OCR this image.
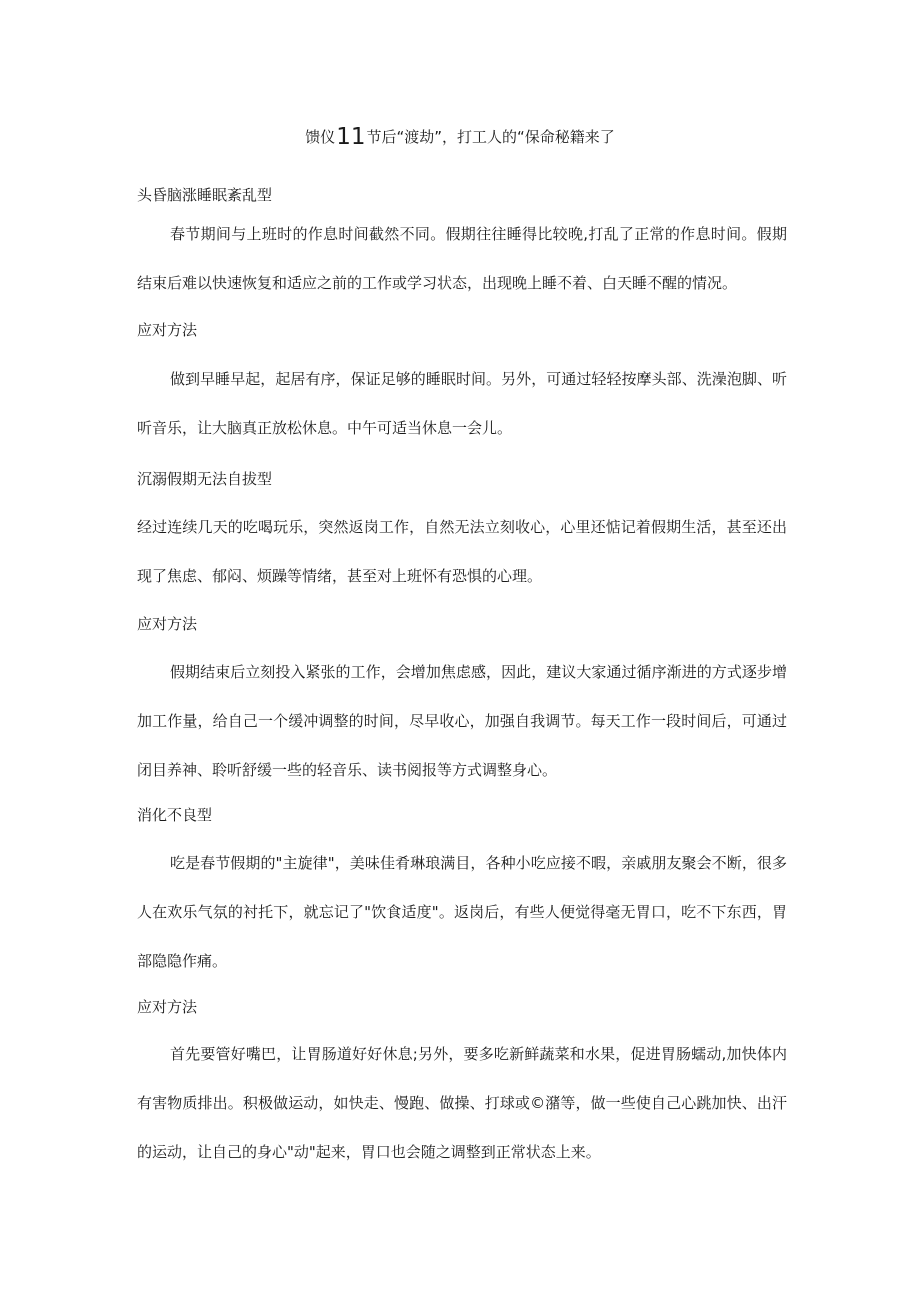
馈仪11节后“渡劫”，打工人的“保命秘籍来了

头昏脑涨睡眠紊乱型

春节期间与上班时的作息时间截然不同。假期往往睡得比较晚,打乱了正常的作息时间。假期结束后难以快速恢复和适应之前的工作或学习状态，出现晚上睡不着、白天睡不醒的情况。

应对方法

做到早睡早起，起居有序，保证足够的睡眠时间。另外，可通过轻轻按摩头部、洗澡泡脚、听听音乐，让大脑真正放松休息。中午可适当休息一会儿。

沉溺假期无法自拔型

经过连续几天的吃喝玩乐，突然返岗工作，自然无法立刻收心，心里还惦记着假期生活，甚至还出现了焦虑、郁闷、烦躁等情绪，甚至对上班怀有恐惧的心理。

应对方法

假期结束后立刻投入紧张的工作，会增加焦虑感，因此，建议大家通过循序渐进的方式逐步增加工作量，给自己一个缓冲调整的时间，尽早收心，加强自我调节。每天工作一段时间后，可通过闭目养神、聆听舒缓一些的轻音乐、读书阅报等方式调整身心。

消化不良型

吃是春节假期的"主旋律"，美味佳肴琳琅满目，各种小吃应接不暇，亲戚朋友聚会不断，很多人在欢乐气氛的衬托下，就忘记了"饮食适度"。返岗后，有些人便觉得毫无胃口，吃不下东西，胃部隐隐作痛。

应对方法

首先要管好嘴巴，让胃肠道好好休息;另外，要多吃新鲜蔬菜和水果，促进胃肠蠕动,加快体内有害物质排出。积极做运动，如快走、慢跑、做操、打球或©潴等，做一些使自己心跳加快、出汗的运动，让自己的身心"动"起来，胃口也会随之调整到正常状态上来。
